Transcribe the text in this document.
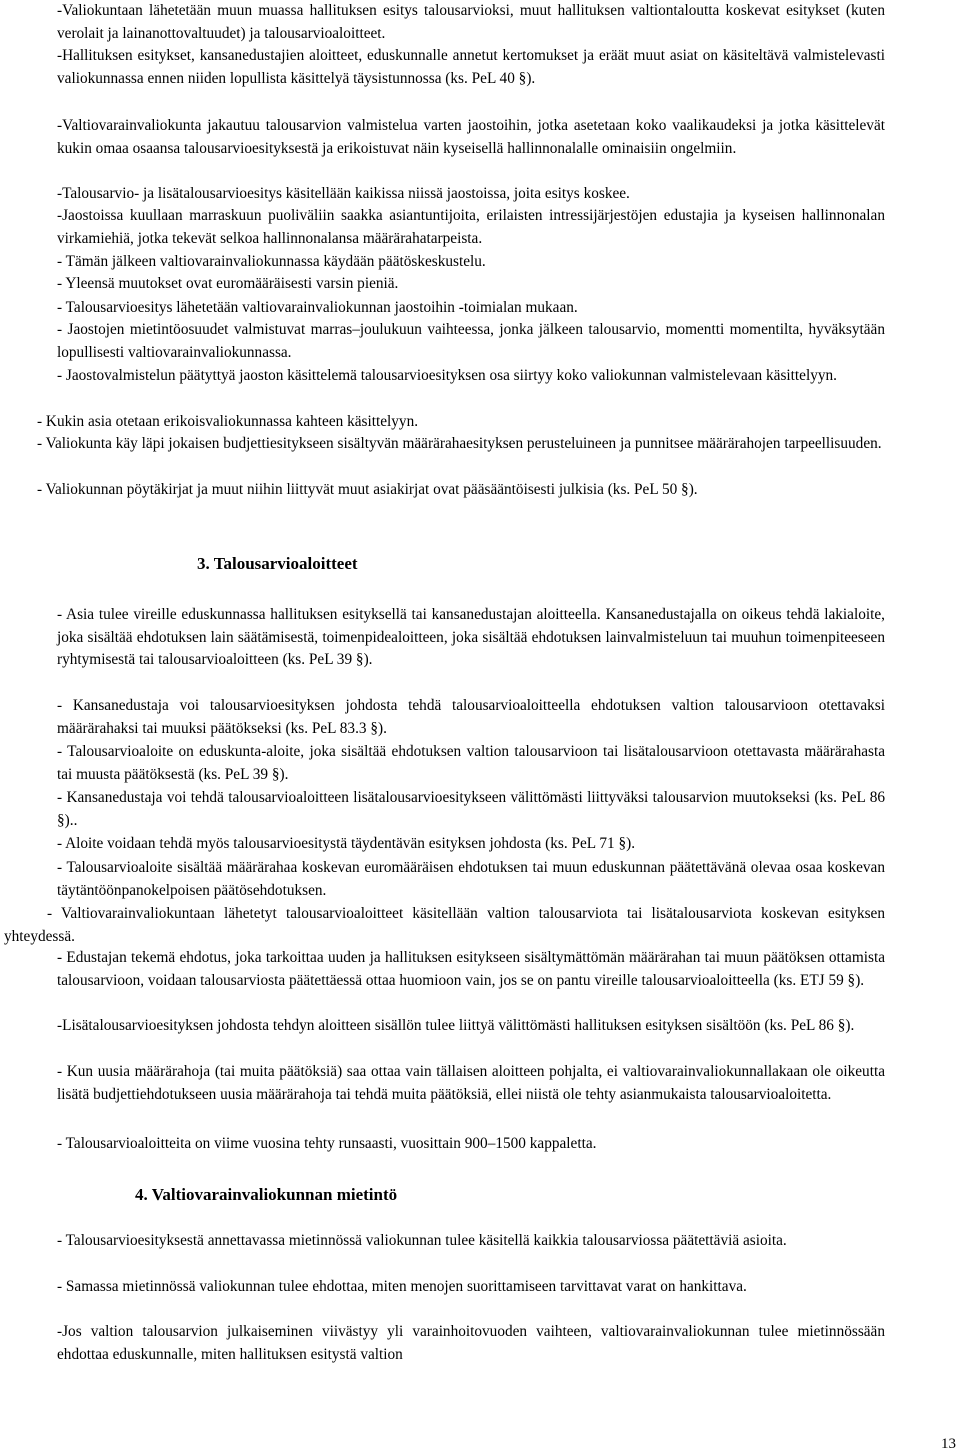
-Valiokuntaan lähetetään muun muassa hallituksen esitys talousarvioksi, muut hallituksen valtiontaloutta koskevat esitykset (kuten verolait ja lainanottovaltuudet) ja talousarvioaloitteet.

-Hallituksen esitykset, kansanedustajien aloitteet, eduskunnalle annetut kertomukset ja eräät muut asiat on käsiteltävä valmistelevasti valiokunnassa ennen niiden lopullista käsittelyä täysistunnossa (ks. PeL 40 §).

-Valtiovarainvaliokunta jakautuu talousarvion valmistelua varten jaostoihin, jotka asetetaan koko vaalikaudeksi ja jotka käsittelevät kukin omaa osaansa talousarvioesityksestä ja erikoistuvat näin kyseisellä hallinnonalalle ominaisiin ongelmiin.

-Talousarvio- ja lisätalousarvioesitys käsitellään kaikissa niissä jaostoissa, joita esitys koskee.

-Jaostoissa kuullaan marraskuun puoliväliin saakka asiantuntijoita, erilaisten intressijärjestöjen edustajia ja kyseisen hallinnonalan virkamiehiä, jotka tekevät selkoa hallinnonalansa määrärahatarpeista.

- Tämän jälkeen valtiovarainvaliokunnassa käydään päätöskeskustelu.

- Yleensä muutokset ovat euromääräisesti varsin pieniä.

- Talousarvioesitys lähetetään valtiovarainvaliokunnan jaostoihin -toimialan mukaan.

- Jaostojen mietintöosuudet valmistuvat marras–joulukuun vaihteessa, jonka jälkeen talousarvio, momentti momentilta, hyväksytään lopullisesti valtiovarainvaliokunnassa.

- Jaostovalmistelun päätyttyä jaoston käsittelemä talousarvioesityksen osa siirtyy koko valiokunnan valmistelevaan käsittelyyn.

- Kukin asia otetaan erikoisvaliokunnassa kahteen käsittelyyn.

- Valiokunta käy läpi jokaisen budjettiesitykseen sisältyvän määrärahaesityksen perusteluineen ja punnitsee määrärahojen tarpeellisuuden.

- Valiokunnan pöytäkirjat ja muut niihin liittyvät muut asiakirjat ovat pääsääntöisesti julkisia (ks. PeL 50 §).

3. Talousarvioaloitteet

- Asia tulee vireille eduskunnassa hallituksen esityksellä tai kansanedustajan aloitteella. Kansanedustajalla on oikeus tehdä lakialoite, joka sisältää ehdotuksen lain säätämisestä, toimenpidealoitteen, joka sisältää ehdotuksen lainvalmisteluun tai muuhun toimenpiteeseen ryhtymisestä tai talousarvioaloitteen (ks. PeL 39 §).

- Kansanedustaja voi talousarvioesityksen johdosta tehdä talousarvioaloitteella ehdotuksen valtion talousarvioon otettavaksi määrärahaksi tai muuksi päätökseksi (ks. PeL 83.3 §).

- Talousarvioaloite on eduskunta-aloite, joka sisältää ehdotuksen valtion talousarvioon tai lisätalousarvioon otettavasta määrärahasta tai muusta päätöksestä (ks. PeL 39 §).

- Kansanedustaja voi tehdä talousarvioaloitteen lisätalousarvioesitykseen välittömästi liittyväksi talousarvion muutokseksi (ks. PeL 86 §)..

- Aloite voidaan tehdä myös talousarvioesitystä täydentävän esityksen johdosta (ks. PeL 71 §).

- Talousarvioaloite sisältää määrärahaa koskevan euromääräisen ehdotuksen tai muun eduskunnan päätettävänä olevaa osaa koskevan täytäntöönpanokelpoisen päätösehdotuksen.

- Valtiovarainvaliokuntaan lähetetyt talousarvioaloitteet käsitellään valtion talousarviota tai lisätalousarviota koskevan esityksen yhteydessä.

- Edustajan tekemä ehdotus, joka tarkoittaa uuden ja hallituksen esitykseen sisältymättömän määrärahan tai muun päätöksen ottamista talousarvioon, voidaan talousarviosta päätettäessä ottaa huomioon vain, jos se on pantu vireille talousarvioaloitteella (ks. ETJ 59 §).

-Lisätalousarvioesityksen johdosta tehdyn aloitteen sisällön tulee liittyä välittömästi hallituksen esityksen sisältöön (ks. PeL 86 §).

- Kun uusia määrärahoja (tai muita päätöksiä) saa ottaa vain tällaisen aloitteen pohjalta, ei valtiovarainvaliokunnallakaan ole oikeutta lisätä budjettiehdotukseen uusia määrärahoja tai tehdä muita päätöksiä, ellei niistä ole tehty asianmukaista talousarvioaloitetta.

- Talousarvioaloitteita on viime vuosina tehty runsaasti, vuosittain 900–1500 kappaletta.

4. Valtiovarainvaliokunnan mietintö

- Talousarvioesityksestä annettavassa mietinnössä valiokunnan tulee käsitellä kaikkia talousarviossa päätettäviä asioita.

- Samassa mietinnössä valiokunnan tulee ehdottaa, miten menojen suorittamiseen tarvittavat varat on hankittava.

-Jos valtion talousarvion julkaiseminen viivästyy yli varainhoitovuoden vaihteen, valtiovarainvaliokunnan tulee mietinnössään ehdottaa eduskunnalle, miten hallituksen esitystä valtion

13
